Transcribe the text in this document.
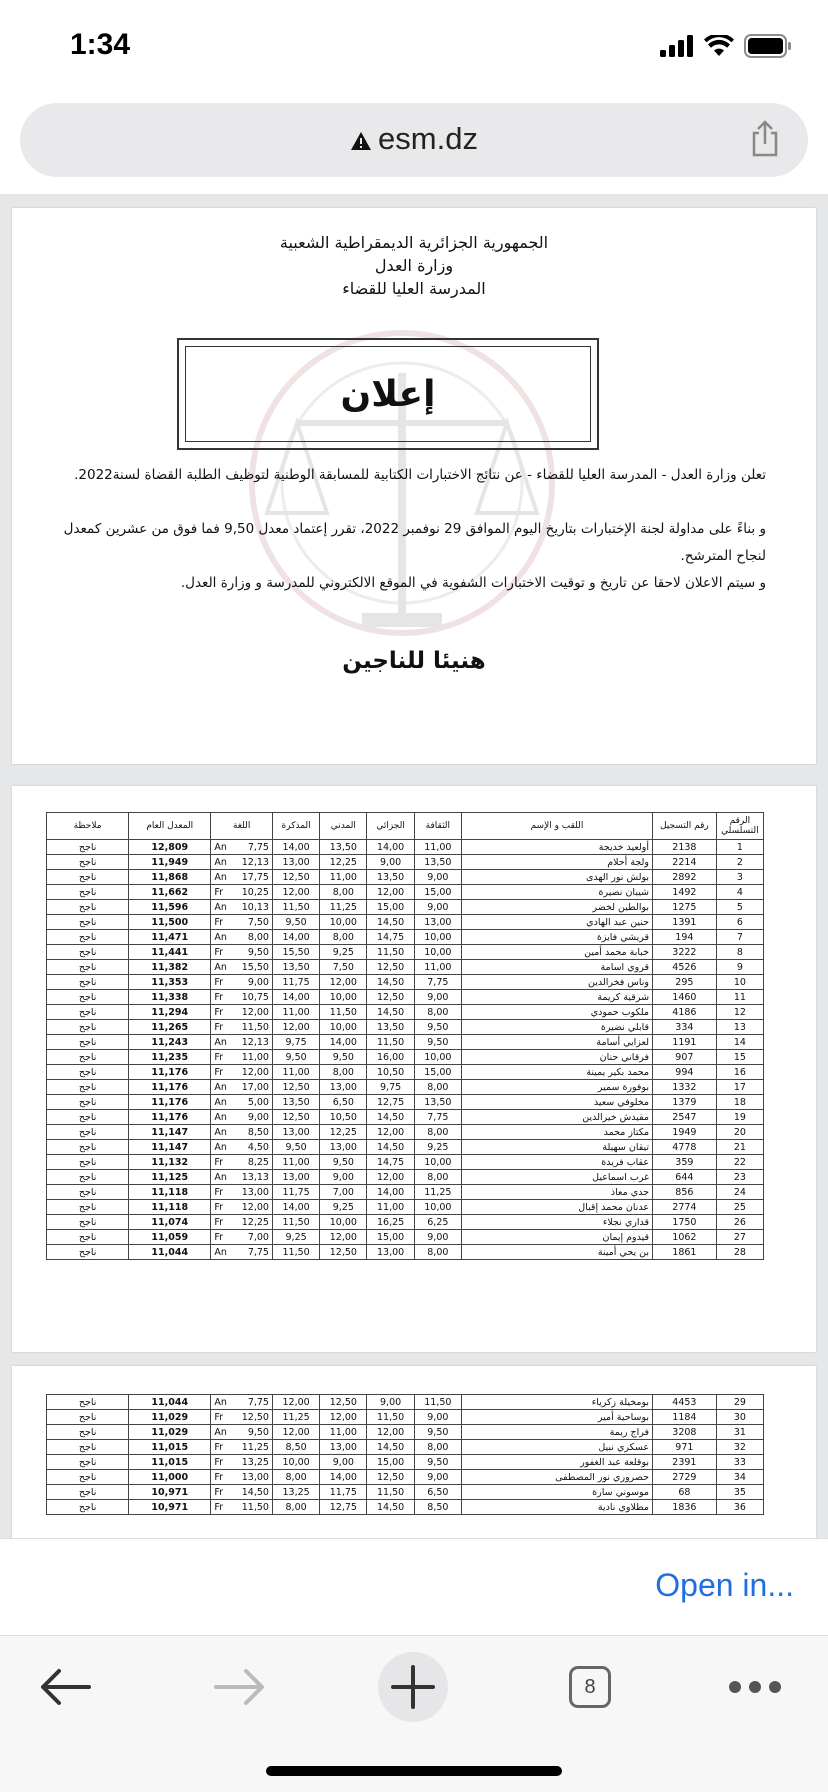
1:34
esm.dz
الجمهورية الجزائرية الديمقراطية الشعبية
وزارة العدل
المدرسة العليا للقضاء
إعلان
تعلن وزارة العدل - المدرسة العليا للقضاء - عن نتائج الاختبارات الكتابية للمسابقة الوطنية لتوظيف الطلبة القضاة لسنة2022.
و بناءً على مداولة لجنة الإختبارات بتاريخ اليوم الموافق 29 نوفمبر 2022، تقرر إعتماد معدل 9,50 فما فوق من عشرين كمعدل لنجاح المترشح.
و سيتم الاعلان لاحقا عن تاريخ و توقيت الاختبارات الشفوية في الموقع الالكتروني للمدرسة و وزارة العدل.
هنيئا للناجين
ملاحظة	المعدل العام	اللغة	المذكرة	المدني	الجزائي	الثقافة	اللقب و الإسم	رقم التسجيل	الرقم التسلسلي
ناجح	12,809	An 7,75	14,00	13,50	14,00	11,00	أولعيد خديجة	2138	1
ناجح	11,949	An 12,13	13,00	12,25	9,00	13,50	ولجة أحلام	2214	2
ناجح	11,868	An 17,75	12,50	11,00	13,50	9,00	بولش نور الهدى	2892	3
ناجح	11,662	Fr 10,25	12,00	8,00	12,00	15,00	شيبان نصيرة	1492	4
ناجح	11,596	An 10,13	11,50	11,25	15,00	9,00	بوالطين لخضر	1275	5
ناجح	11,500	Fr 7,50	9,50	10,00	14,50	13,00	حنين عبد الهادي	1391	6
ناجح	11,471	An 8,00	14,00	8,00	14,75	10,00	قريشي فايزة	194	7
ناجح	11,441	Fr 9,50	15,50	9,25	11,50	10,00	خبابة محمد أمين	3222	8
ناجح	11,382	An 15,50	13,50	7,50	12,50	11,00	قروي اسامة	4526	9
ناجح	11,353	Fr 9,00	11,75	12,00	14,50	7,75	وناس فخرالدين	295	10
ناجح	11,338	Fr 10,75	14,00	10,00	12,50	9,00	شرقية كريمة	1460	11
ناجح	11,294	Fr 12,00	11,00	11,50	14,50	8,00	ملكوب حمودي	4186	12
ناجح	11,265	Fr 11,50	12,00	10,00	13,50	9,50	قابلي نضيرة	334	13
ناجح	11,243	An 12,13	9,75	14,00	11,50	9,50	لعزايي أسامة	1191	14
ناجح	11,235	Fr 11,00	9,50	9,50	16,00	10,00	فرقاني حنان	907	15
ناجح	11,176	Fr 12,00	11,00	8,00	10,50	15,00	محمد بكير يمينة	994	16
ناجح	11,176	An 17,00	12,50	13,00	9,75	8,00	بوفورة سمير	1332	17
ناجح	11,176	An 5,00	13,50	6,50	12,75	13,50	مخلوفي سعيد	1379	18
ناجح	11,176	An 9,00	12,50	10,50	14,50	7,75	مقيدش خيرالدين	2547	19
ناجح	11,147	An 8,50	13,00	12,25	12,00	8,00	مكتاز محمد	1949	20
ناجح	11,147	An 4,50	9,50	13,00	14,50	9,25	تيقان سهيلة	4778	21
ناجح	11,132	Fr 8,25	11,00	9,50	14,75	10,00	عقاب فريدة	359	22
ناجح	11,125	An 13,13	13,00	9,00	12,00	8,00	غرب اسماعيل	644	23
ناجح	11,118	Fr 13,00	11,75	7,00	14,00	11,25	جدي معاذ	856	24
ناجح	11,118	Fr 12,00	14,00	9,25	11,00	10,00	عدنان محمد إقبال	2774	25
ناجح	11,074	Fr 12,25	11,50	10,00	16,25	6,25	قداري نجلاء	1750	26
ناجح	11,059	Fr 7,00	9,25	12,00	15,00	9,00	قيدوم إيمان	1062	27
ناجح	11,044	An 7,75	11,50	12,50	13,00	8,00	بن يحي أمينة	1861	28
ناجح	11,044	An 7,75	12,00	12,50	9,00	11,50	بومخيلة زكرياء	4453	29
ناجح	11,029	Fr 12,50	11,25	12,00	11,50	9,00	بوساحية أمير	1184	30
ناجح	11,029	An 9,50	12,00	11,00	12,00	9,50	فراج ربمة	3208	31
ناجح	11,015	Fr 11,25	8,50	13,00	14,50	8,00	عسكري نبيل	971	32
ناجح	11,015	Fr 13,25	10,00	9,00	15,00	9,50	بوقلعة عبد الغفور	2391	33
ناجح	11,000	Fr 13,00	8,00	14,00	12,50	9,00	حصروري نور المصطفى	2729	34
ناجح	10,971	Fr 14,50	13,25	11,75	11,50	6,50	موسوني سارة	68	35
ناجح	10,971	Fr 11,50	8,00	12,75	14,50	8,50	مطلاوي نادية	1836	36
Open in...
8
